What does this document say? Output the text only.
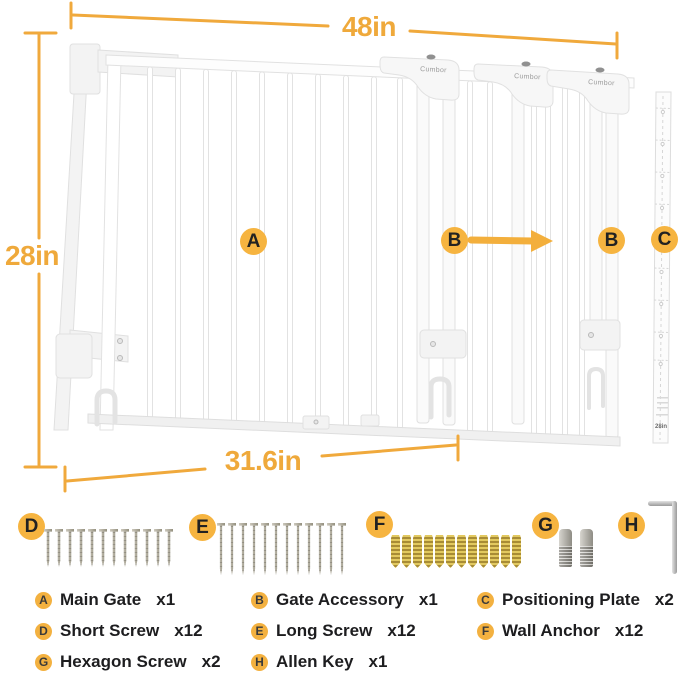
Cumbor
Cumbor
Cumbor
28in
48in
28in
31.6in
A	B	B	C
D	E	F	G	H
A Main Gate x1	B Gate Accessory x1	C Positioning Plate x2
D Short Screw x12	E Long Screw x12	F Wall Anchor x12
G Hexagon Screw x2	H Allen Key x1
